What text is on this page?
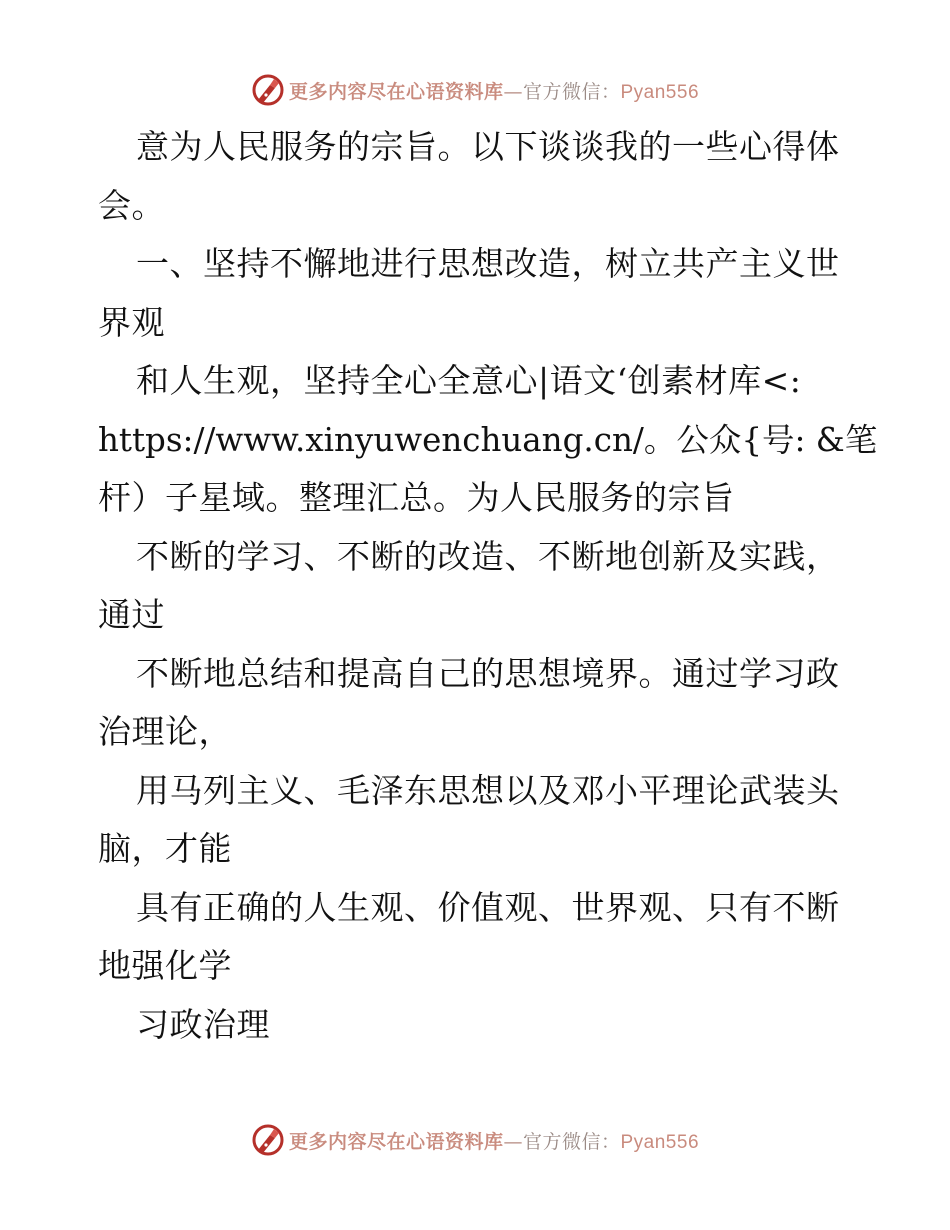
更多内容尽在心语资料库—官方微信：Pyan556
意为人民服务的宗旨。以下谈谈我的一些心得体
会。
一、坚持不懈地进行思想改造，树立共产主义世
界观
和人生观，坚持全心全意心|语文‘创素材库<:
https://www.xinyuwenchuang.cn/。公众{号: &笔
杆）子星域。整理汇总。为人民服务的宗旨
不断的学习、不断的改造、不断地创新及实践，
通过
不断地总结和提高自己的思想境界。通过学习政
治理论，
用马列主义、毛泽东思想以及邓小平理论武装头
脑，才能
具有正确的人生观、价值观、世界观、只有不断
地强化学
习政治理
更多内容尽在心语资料库—官方微信：Pyan556
